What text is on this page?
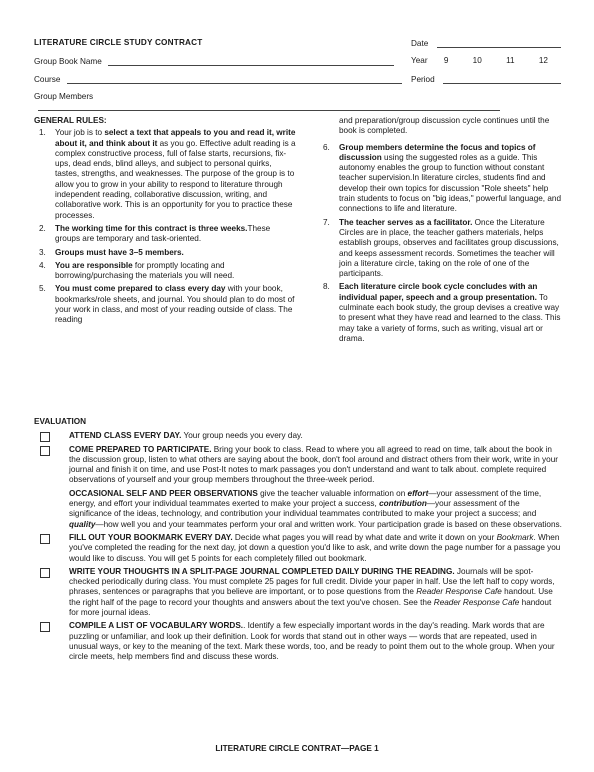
LITERATURE CIRCLE STUDY CONTRACT
Group Book Name
Course
Group Members
Date
Year 9	10	11	12
Period
GENERAL RULES:
1. Your job is to select a text that appeals to you and read it, write about it, and think about it as you go. Effective adult reading is a complex constructive process, full of false starts, recursions, fix-ups, dead ends, blind alleys, and subject to personal quirks, tastes, strengths, and weaknesses. The purpose of the group is to allow you to grow in your ability to respond to literature through independent reading, collaborative discussion, writing, and collaborative work. This is an opportunity for you to practice these processes.
2. The working time for this contract is three weeks.These groups are temporary and task-oriented.
3. Groups must have 3–5 members.
4. You are responsible for promptly locating and borrowing/purchasing the materials you will need.
5. You must come prepared to class every day with your book, bookmarks/role sheets, and journal. You should plan to do most of your work in class, and most of your reading outside of class. The reading
and preparation/group discussion cycle continues until the book is completed.
6. Group members determine the focus and topics of discussion using the suggested roles as a guide. This autonomy enables the group to function without constant teacher supervision.In literature circles, students find and develop their own topics for discussion "Role sheets" help train students to focus on "big ideas," powerful language, and connections to life and literature.
7. The teacher serves as a facilitator. Once the Literature Circles are in place, the teacher gathers materials, helps establish groups, observes and facilitates group discussions, and keeps assessment records. Sometimes the teacher will join a literature circle, taking on the role of one of the participants.
8. Each literature circle book cycle concludes with an individual paper, speech and a group presentation. To culminate each book study, the group devises a creative way to present what they have read and learned to the class. This may take a variety of forms, such as writing, visual art or drama.
EVALUATION
ATTEND CLASS EVERY DAY. Your group needs you every day.
COME PREPARED TO PARTICIPATE. Bring your book to class. Read to where you all agreed to read on time, talk about the book in the discussion group, listen to what others are saying about the book, don't fool around and distract others from their work, write in your journal and finish it on time, and use Post-It notes to mark passages you don't understand and want to talk about. complete required observations of yourself and your group members throughout the three-week period.
OCCASIONAL SELF AND PEER OBSERVATIONS give the teacher valuable information on effort—your assessment of the time, energy, and effort your individual teammates exerted to make your project a success, contribution—your assessment of the significance of the ideas, technology, and contribution your individual teammates contributed to make your project a success; and quality—how well you and your teammates perform your oral and written work. Your participation grade is based on these observations.
FILL OUT YOUR BOOKMARK EVERY DAY. Decide what pages you will read by what date and write it down on your Bookmark. When you've completed the reading for the next day, jot down a question you'd like to ask, and write down the page number for a passage you would like to discuss. You will get 5 points for each completely filled out bookmark.
WRITE YOUR THOUGHTS IN A SPLIT-PAGE JOURNAL COMPLETED DAILY DURING THE READING. Journals will be spot-checked periodically during class. You must complete 25 pages for full credit. Divide your paper in half. Use the left half to copy words, phrases, sentences or paragraphs that you believe are important, or to pose questions from the Reader Response Cafe handout. Use the right half of the page to record your thoughts and answers about the text you've chosen. See the Reader Response Cafe handout for more journal ideas.
COMPILE A LIST OF VOCABULARY WORDS.. Identify a few especially important words in the day's reading. Mark words that are puzzling or unfamiliar, and look up their definition. Look for words that stand out in other ways — words that are repeated, used in unusual ways, or key to the meaning of the text. Mark these words, too, and be ready to point them out to the whole group. When your circle meets, help members find and discuss these words.
LITERATURE CIRCLE CONTRAT—PAGE 1
